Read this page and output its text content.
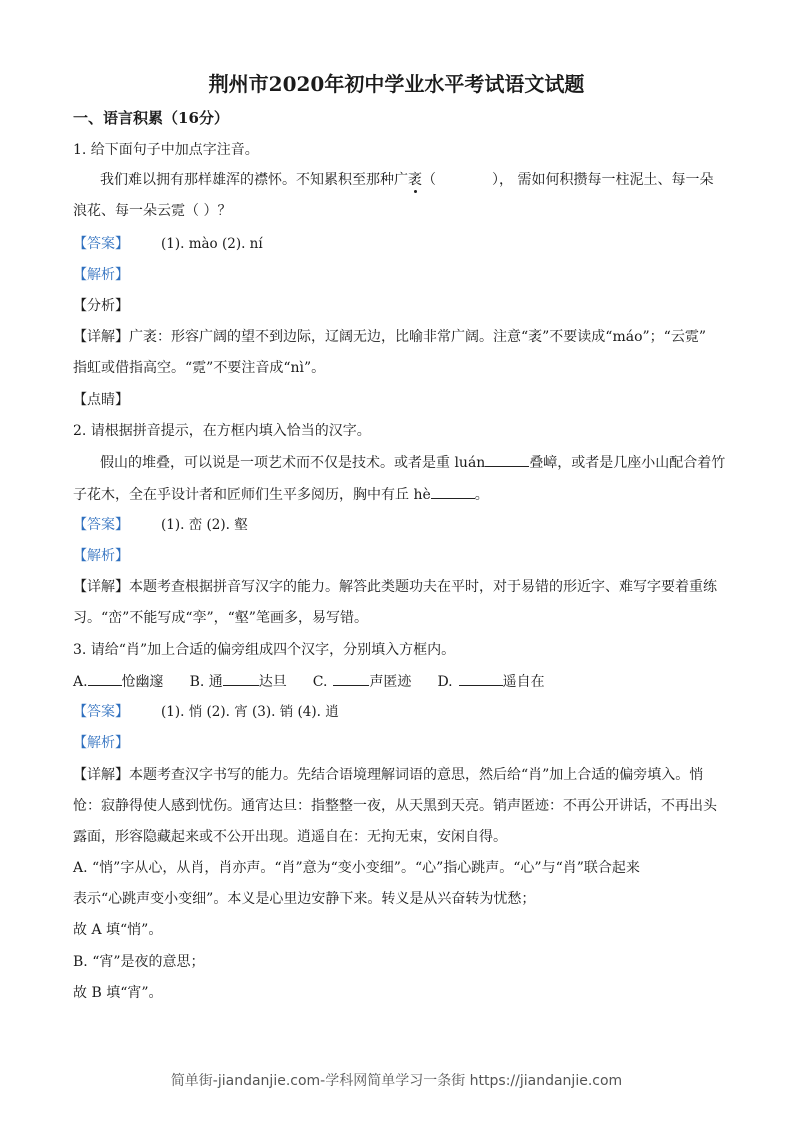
荆州市2020年初中学业水平考试语文试题
一、语言积累（16分）
1. 给下面句子中加点字注音。
我们难以拥有那样雄浑的襟怀。不知累积至那种广袤（	）， 需如何积攒每一柱泥土、每一朵
浪花、每一朵云霓（ ）？
【答案】 (1). mào (2). ní
【解析】
【分析】
【详解】广袤：形容广阔的望不到边际，辽阔无边，比喻非常广阔。注意“袤”不要读成“máo”；“云霓”
指虹或借指高空。“霓”不要注音成“nì”。
【点睛】
2. 请根据拼音提示，在方框内填入恰当的汉字。
假山的堆叠，可以说是一项艺术而不仅是技术。或者是重 luán	叠嶂，或者是几座小山配合着竹
子花木，全在乎设计者和匠师们生平多阅历，胸中有丘 hè	。
【答案】 (1). 峦 (2). 壑
【解析】
【详解】本题考查根据拼音写汉字的能力。解答此类题功夫在平时，对于易错的形近字、难写字要着重练
习。“峦”不能写成“孪”，“壑”笔画多，易写错。
3. 请给“肖”加上合适的偏旁组成四个汉字，分别填入方框内。
A. 怆幽邃 B. 通	达旦 C.	声匿迹 D.	遥自在
【答案】 (1). 悄 (2). 宵 (3). 销 (4). 逍
【解析】
【详解】本题考查汉字书写的能力。先结合语境理解词语的意思，然后给“肖”加上合适的偏旁填入。悄
怆：寂静得使人感到忧伤。通宵达旦：指整整一夜，从天黑到天亮。销声匿迹：不再公开讲话，不再出头
露面，形容隐藏起来或不公开出现。逍遥自在：无拘无束，安闲自得。
A. “悄”字从心，从肖，肖亦声。“肖”意为“变小变细”。“心”指心跳声。“心”与“肖”联合起来
表示“心跳声变小变细”。本义是心里边安静下来。转义是从兴奋转为忧愁；
故 A 填“悄”。
B. “宵”是夜的意思；
故 B 填“宵”。
简单街-jiandanjie.com-学科网简单学习一条街 https://jiandanjie.com
